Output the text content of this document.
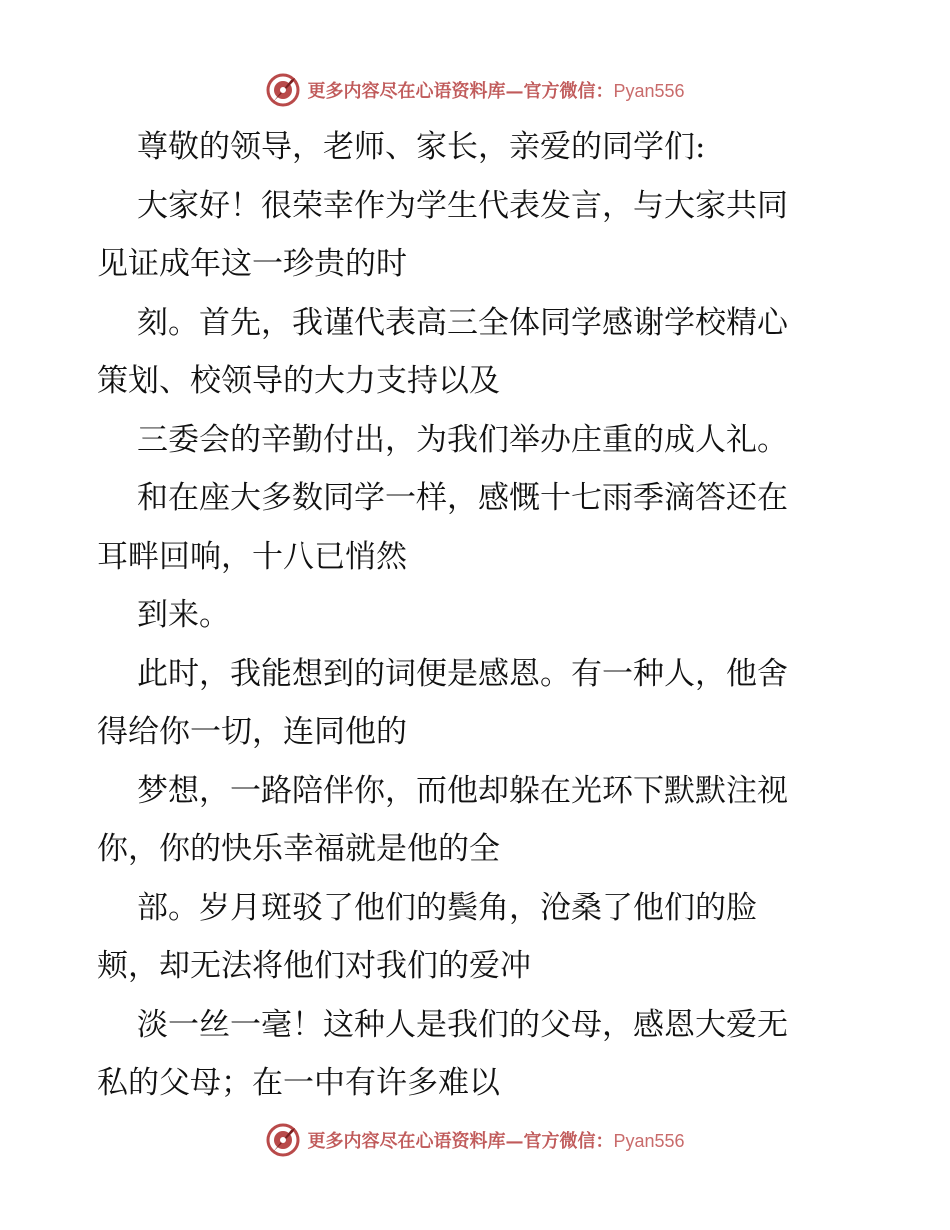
更多内容尽在心语资料库—官方微信：Pyan556

尊敬的领导，老师、家长，亲爱的同学们:

大家好！很荣幸作为学生代表发言，与大家共同
见证成年这一珍贵的时

刻。首先，我谨代表高三全体同学感谢学校精心
策划、校领导的大力支持以及

三委会的辛勤付出，为我们举办庄重的成人礼。

和在座大多数同学一样，感慨十七雨季滴答还在
耳畔回响，十八已悄然

到来。

此时，我能想到的词便是感恩。有一种人，他舍
得给你一切，连同他的

梦想，一路陪伴你，而他却躲在光环下默默注视
你，你的快乐幸福就是他的全

部。岁月斑驳了他们的鬓角，沧桑了他们的脸
颊，却无法将他们对我们的爱冲

淡一丝一毫！这种人是我们的父母，感恩大爱无
私的父母；在一中有许多难以

更多内容尽在心语资料库—官方微信：Pyan556
